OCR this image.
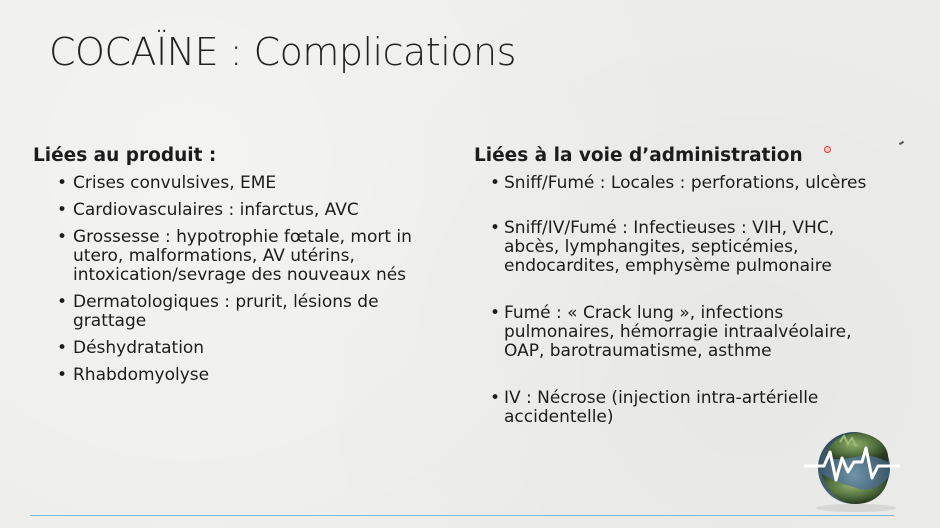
COCAÏNE : Complications
Liées au produit :
• Crises convulsives, EME
• Cardiovasculaires : infarctus, AVC
• Grossesse : hypotrophie fœtale, mort in utero, malformations, AV utérins, intoxication/sevrage des nouveaux nés
• Dermatologiques : prurit, lésions de grattage
• Déshydratation
• Rhabdomyolyse
Liées à la voie d’administration
• Sniff/Fumé : Locales : perforations, ulcères
• Sniff/IV/Fumé : Infectieuses : VIH, VHC, abcès, lymphangites, septicémies, endocardites, emphysème pulmonaire
• Fumé : « Crack lung », infections pulmonaires, hémorragie intraalvéolaire, OAP, barotraumatisme, asthme
• IV : Nécrose (injection intra-artérielle accidentelle)
